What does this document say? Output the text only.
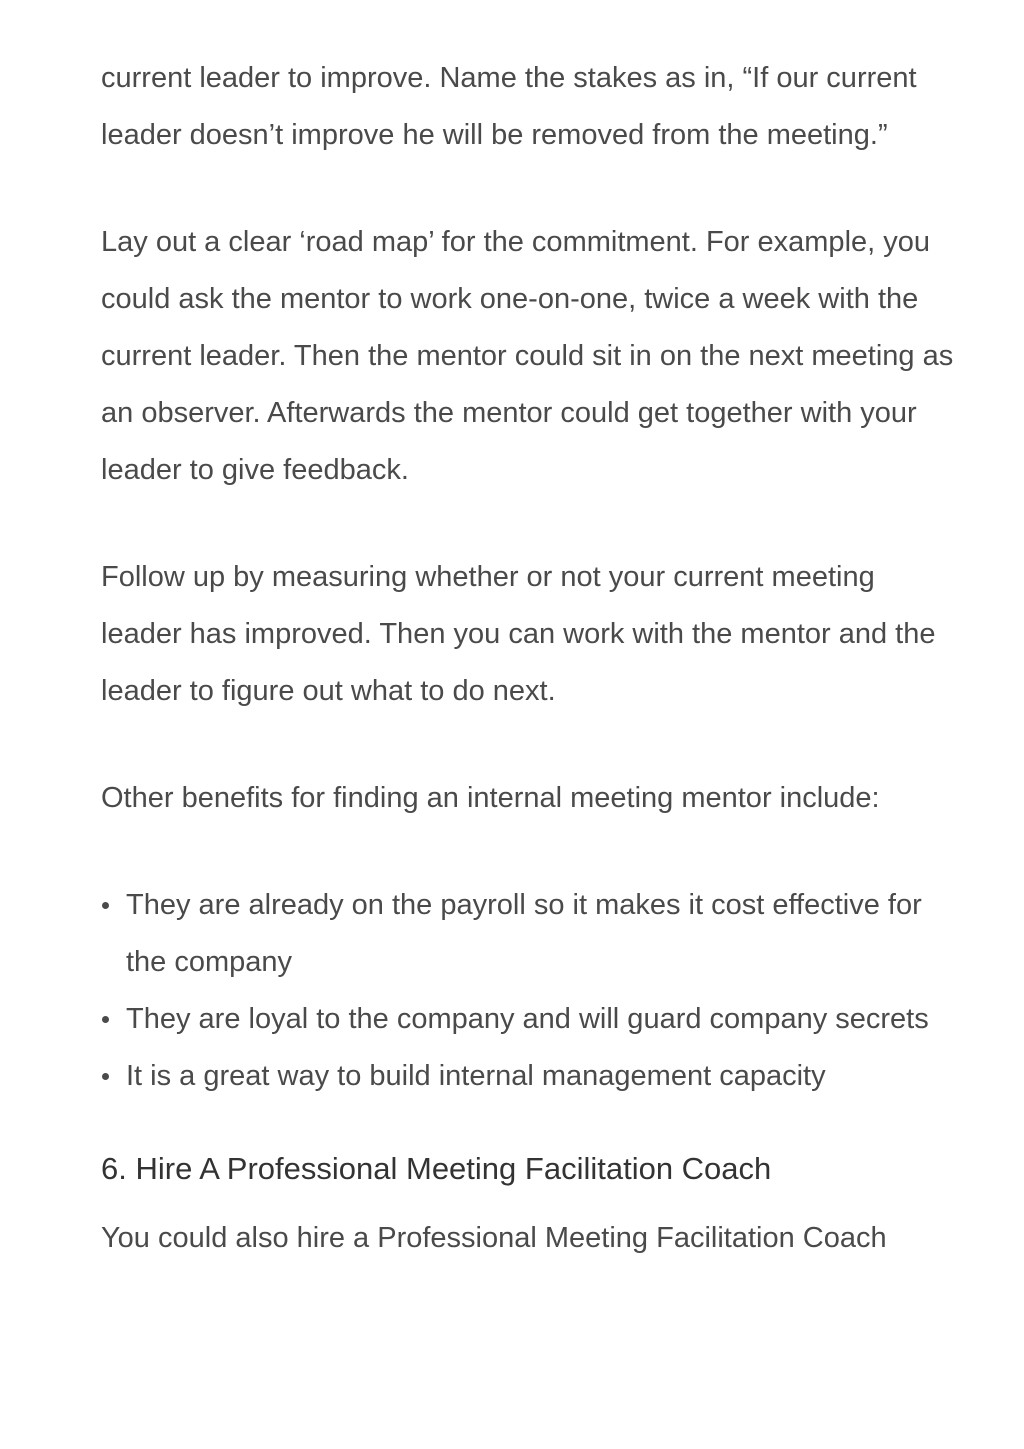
current leader to improve. Name the stakes as in, “If our current leader doesn’t improve he will be removed from the meeting.”

Lay out a clear ‘road map’ for the commitment. For example, you could ask the mentor to work one-on-one, twice a week with the current leader. Then the mentor could sit in on the next meeting as an observer. Afterwards the mentor could get together with your leader to give feedback.

Follow up by measuring whether or not your current meeting leader has improved. Then you can work with the mentor and the leader to figure out what to do next.

Other benefits for finding an internal meeting mentor include:

They are already on the payroll so it makes it cost effective for the company
They are loyal to the company and will guard company secrets
It is a great way to build internal management capacity
6. Hire A Professional Meeting Facilitation Coach

You could also hire a Professional Meeting Facilitation Coach
